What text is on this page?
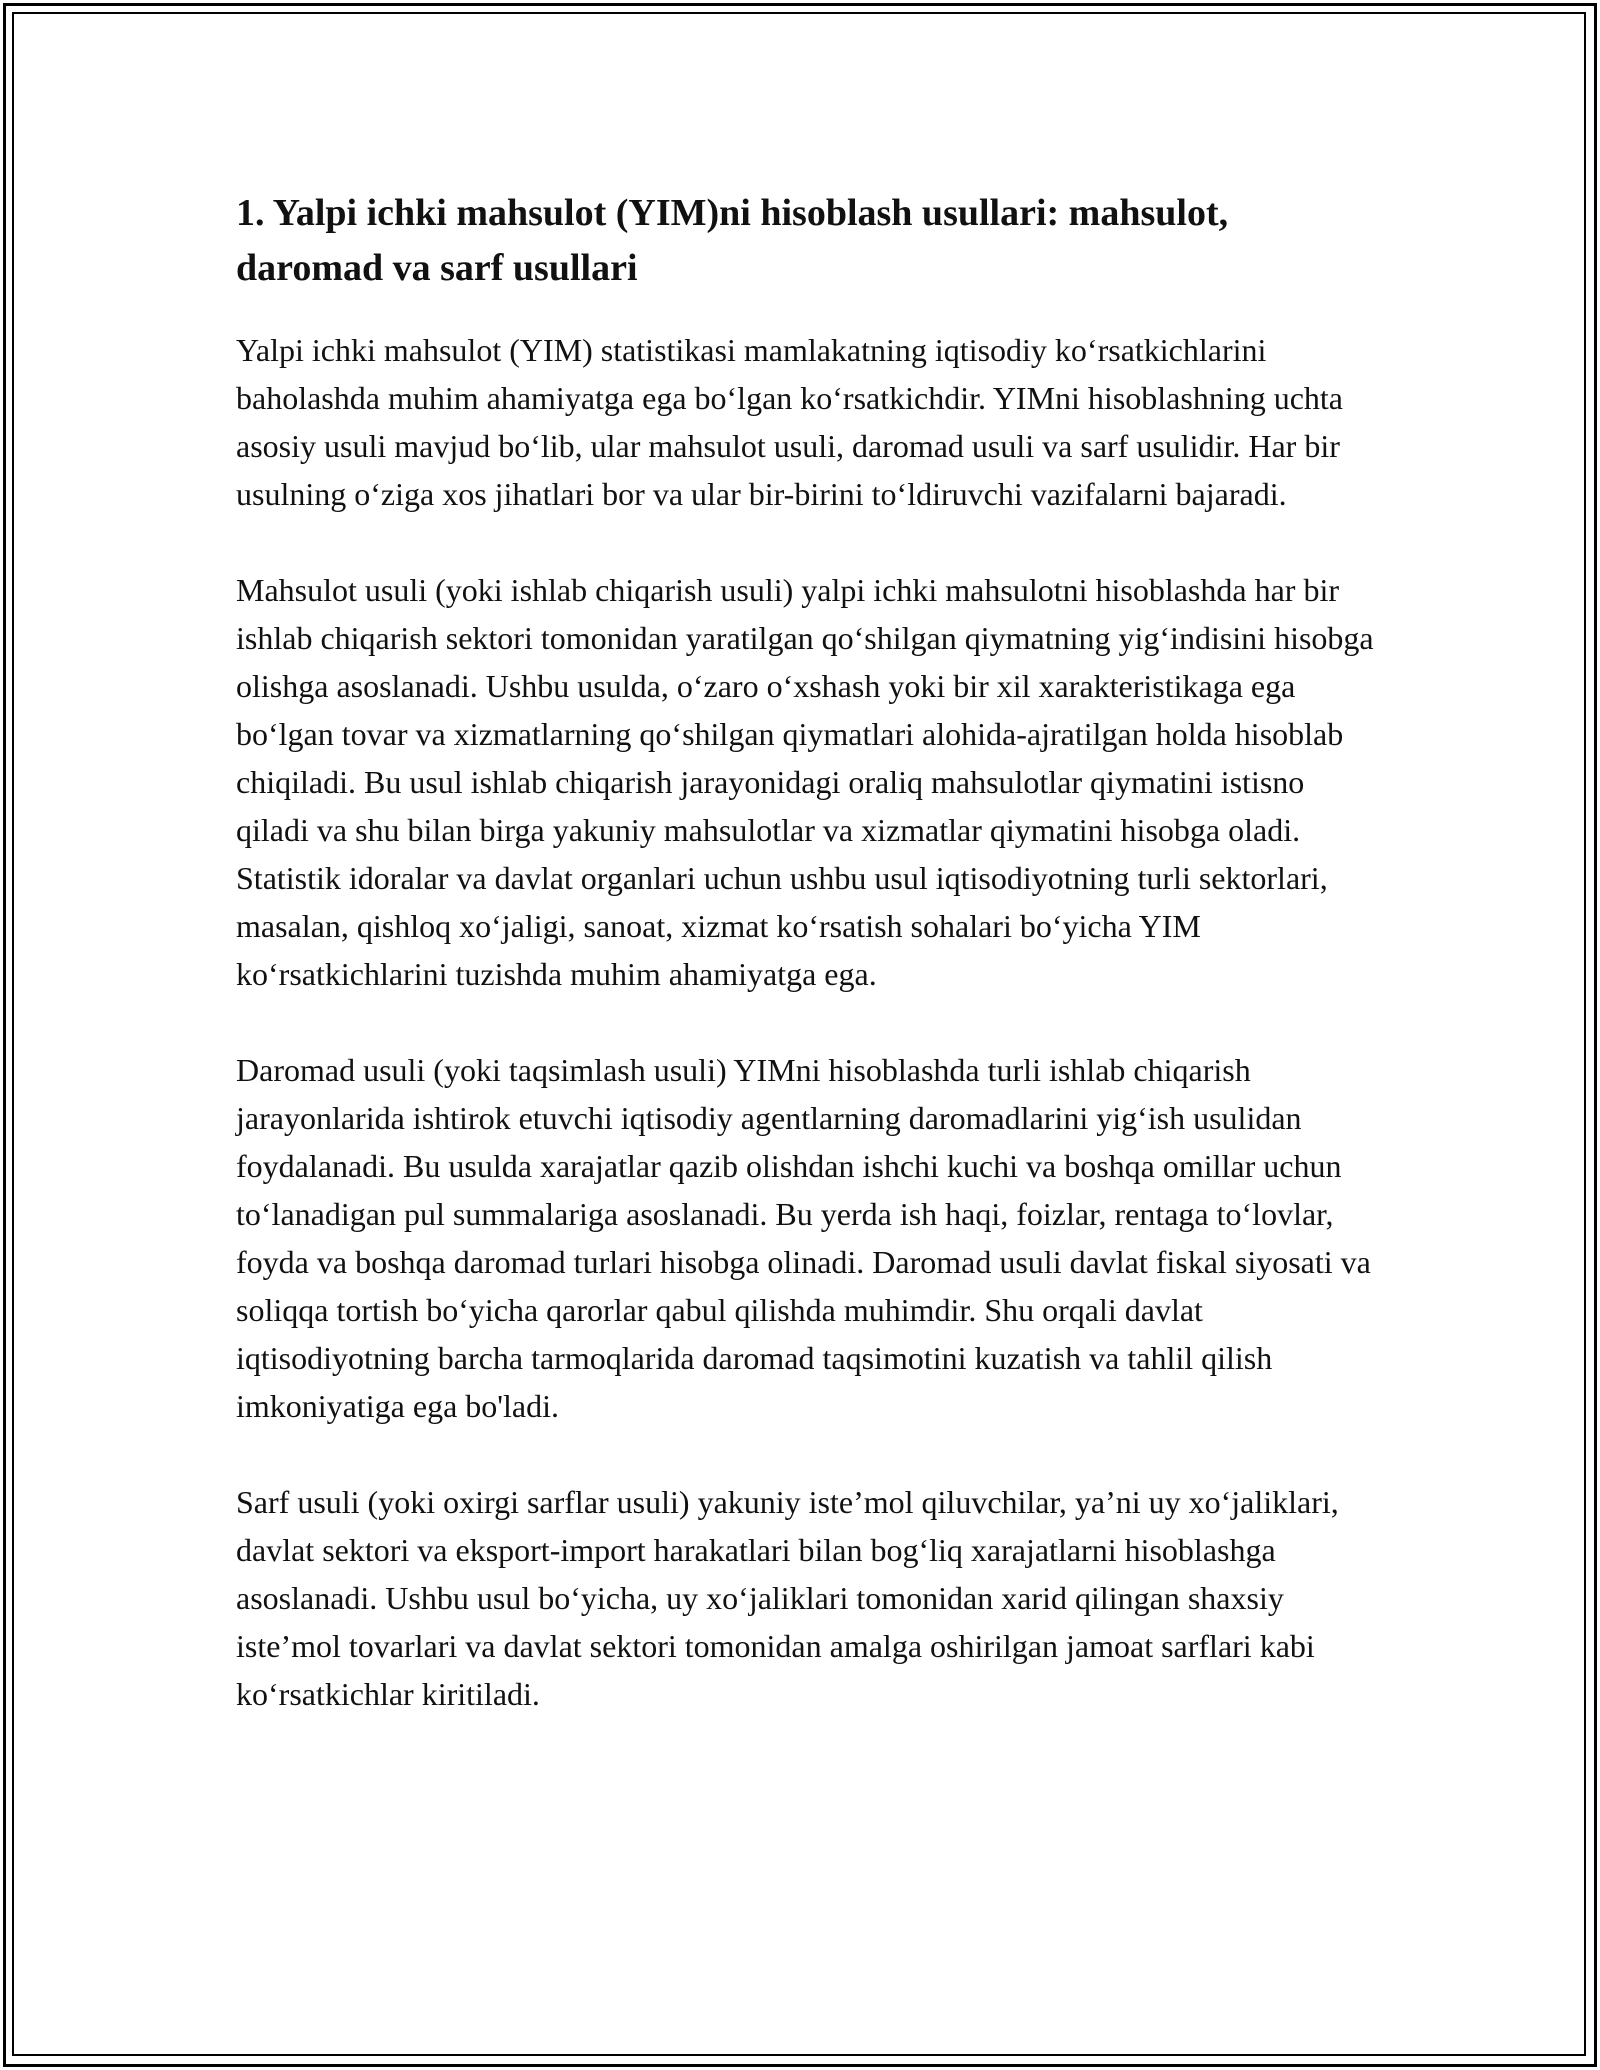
1. Yalpi ichki mahsulot (YIM)ni hisoblash usullari: mahsulot, daromad va sarf usullari

Yalpi ichki mahsulot (YIM) statistikasi mamlakatning iqtisodiy ko‘rsatkichlarini baholashda muhim ahamiyatga ega bo‘lgan ko‘rsatkichdir. YIMni hisoblashning uchta asosiy usuli mavjud bo‘lib, ular mahsulot usuli, daromad usuli va sarf usulidir. Har bir usulning o‘ziga xos jihatlari bor va ular bir-birini to‘ldiruvchi vazifalarni bajaradi.

Mahsulot usuli (yoki ishlab chiqarish usuli) yalpi ichki mahsulotni hisoblashda har bir ishlab chiqarish sektori tomonidan yaratilgan qo‘shilgan qiymatning yig‘indisini hisobga olishga asoslanadi. Ushbu usulda, o‘zaro o‘xshash yoki bir xil xarakteristikaga ega bo‘lgan tovar va xizmatlarning qo‘shilgan qiymatlari alohida-ajratilgan holda hisoblab chiqiladi. Bu usul ishlab chiqarish jarayonidagi oraliq mahsulotlar qiymatini istisno qiladi va shu bilan birga yakuniy mahsulotlar va xizmatlar qiymatini hisobga oladi. Statistik idoralar va davlat organlari uchun ushbu usul iqtisodiyotning turli sektorlari, masalan, qishloq xo‘jaligi, sanoat, xizmat ko‘rsatish sohalari bo‘yicha YIM ko‘rsatkichlarini tuzishda muhim ahamiyatga ega.

Daromad usuli (yoki taqsimlash usuli) YIMni hisoblashda turli ishlab chiqarish jarayonlarida ishtirok etuvchi iqtisodiy agentlarning daromadlarini yig‘ish usulidan foydalanadi. Bu usulda xarajatlar qazib olishdan ishchi kuchi va boshqa omillar uchun to‘lanadigan pul summalariga asoslanadi. Bu yerda ish haqi, foizlar, rentaga to‘lovlar, foyda va boshqa daromad turlari hisobga olinadi. Daromad usuli davlat fiskal siyosati va soliqqa tortish bo‘yicha qarorlar qabul qilishda muhimdir. Shu orqali davlat iqtisodiyotning barcha tarmoqlarida daromad taqsimotini kuzatish va tahlil qilish imkoniyatiga ega bo'ladi.

Sarf usuli (yoki oxirgi sarflar usuli) yakuniy iste’mol qiluvchilar, ya’ni uy xo‘jaliklari, davlat sektori va eksport-import harakatlari bilan bog‘liq xarajatlarni hisoblashga asoslanadi. Ushbu usul bo‘yicha, uy xo‘jaliklari tomonidan xarid qilingan shaxsiy iste’mol tovarlari va davlat sektori tomonidan amalga oshirilgan jamoat sarflari kabi ko‘rsatkichlar kiritiladi.
